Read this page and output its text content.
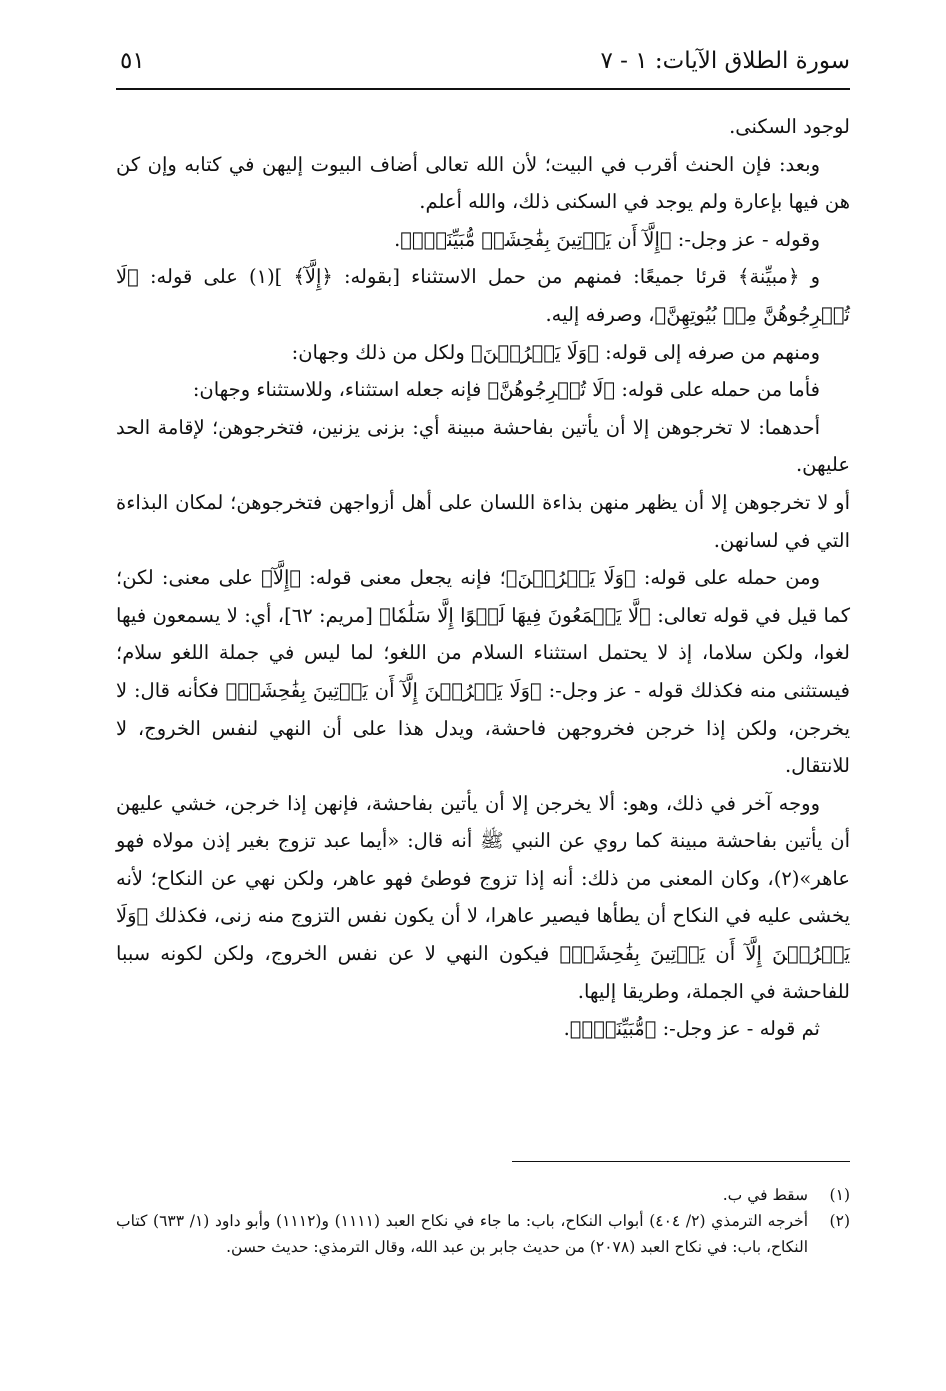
سورة الطلاق الآيات: ١ - ٧
٥١

لوجود السكنى.

وبعد: فإن الحنث أقرب في البيت؛ لأن الله تعالى أضاف البيوت إليهن في كتابه وإن كن هن فيها بإعارة ولم يوجد في السكنى ذلك، والله أعلم.

وقوله - عز وجل-: ﴿إِلَّآ أَن يَأۡتِينَ بِفَٰحِشَةٖ مُّبَيِّنَةٖۚ﴾.

و ﴿مبيِّنة﴾ قرئا جميعًا: فمنهم من حمل الاستثناء [بقوله: ﴿إِلَّآ﴾ ](١) على قوله: ﴿لَا تُخۡرِجُوهُنَّ مِنۢ بُيُوتِهِنَّ﴾، وصرفه إليه.

ومنهم من صرفه إلى قوله: ﴿وَلَا يَخۡرُجۡنَ﴾ ولكل من ذلك وجهان:

فأما من حمله على قوله: ﴿لَا تُخۡرِجُوهُنَّ﴾ فإنه جعله استثناء، وللاستثناء وجهان:

أحدهما: لا تخرجوهن إلا أن يأتين بفاحشة مبينة أي: بزنى يزنين، فتخرجوهن؛ لإقامة الحد عليهن.

أو لا تخرجوهن إلا أن يظهر منهن بذاءة اللسان على أهل أزواجهن فتخرجوهن؛ لمكان البذاءة التي في لسانهن.

ومن حمله على قوله: ﴿وَلَا يَخۡرُجۡنَ﴾؛ فإنه يجعل معنى قوله: ﴿إِلَّآ﴾ على معنى: لكن؛ كما قيل في قوله تعالى: ﴿لَّا يَسۡمَعُونَ فِيهَا لَغۡوًا إِلَّا سَلَٰمٗا﴾ [مريم: ٦٢]، أي: لا يسمعون فيها لغوا، ولكن سلاما، إذ لا يحتمل استثناء السلام من اللغو؛ لما ليس في جملة اللغو سلام؛ فيستثنى منه فكذلك قوله - عز وجل-: ﴿وَلَا يَخۡرُجۡنَ إِلَّآ أَن يَأۡتِينَ بِفَٰحِشَةٖ﴾ فكأنه قال: لا يخرجن، ولكن إذا خرجن فخروجهن فاحشة، ويدل هذا على أن النهي لنفس الخروج، لا للانتقال.

ووجه آخر في ذلك، وهو: ألا يخرجن إلا أن يأتين بفاحشة، فإنهن إذا خرجن، خشي عليهن أن يأتين بفاحشة مبينة كما روي عن النبي ﷺ أنه قال: «أيما عبد تزوج بغير إذن مولاه فهو عاهر»(٢)، وكان المعنى من ذلك: أنه إذا تزوج فوطئ فهو عاهر، ولكن نهي عن النكاح؛ لأنه يخشى عليه في النكاح أن يطأها فيصير عاهرا، لا أن يكون نفس التزوج منه زنى، فكذلك ﴿وَلَا يَخۡرُجۡنَ إِلَّآ أَن يَأۡتِينَ بِفَٰحِشَةٖ﴾ فيكون النهي لا عن نفس الخروج، ولكن لكونه سببا للفاحشة في الجملة، وطريقا إليها.

ثم قوله - عز وجل-: ﴿مُّبَيِّنَةٖۚ﴾.

(١)
سقط في ب.
(٢)
أخرجه الترمذي (٢/ ٤٠٤) أبواب النكاح، باب: ما جاء في نكاح العبد (١١١١) و(١١١٢) وأبو داود (١/ ٦٣٣) كتاب النكاح، باب: في نكاح العبد (٢٠٧٨) من حديث جابر بن عبد الله، وقال الترمذي: حديث حسن.
